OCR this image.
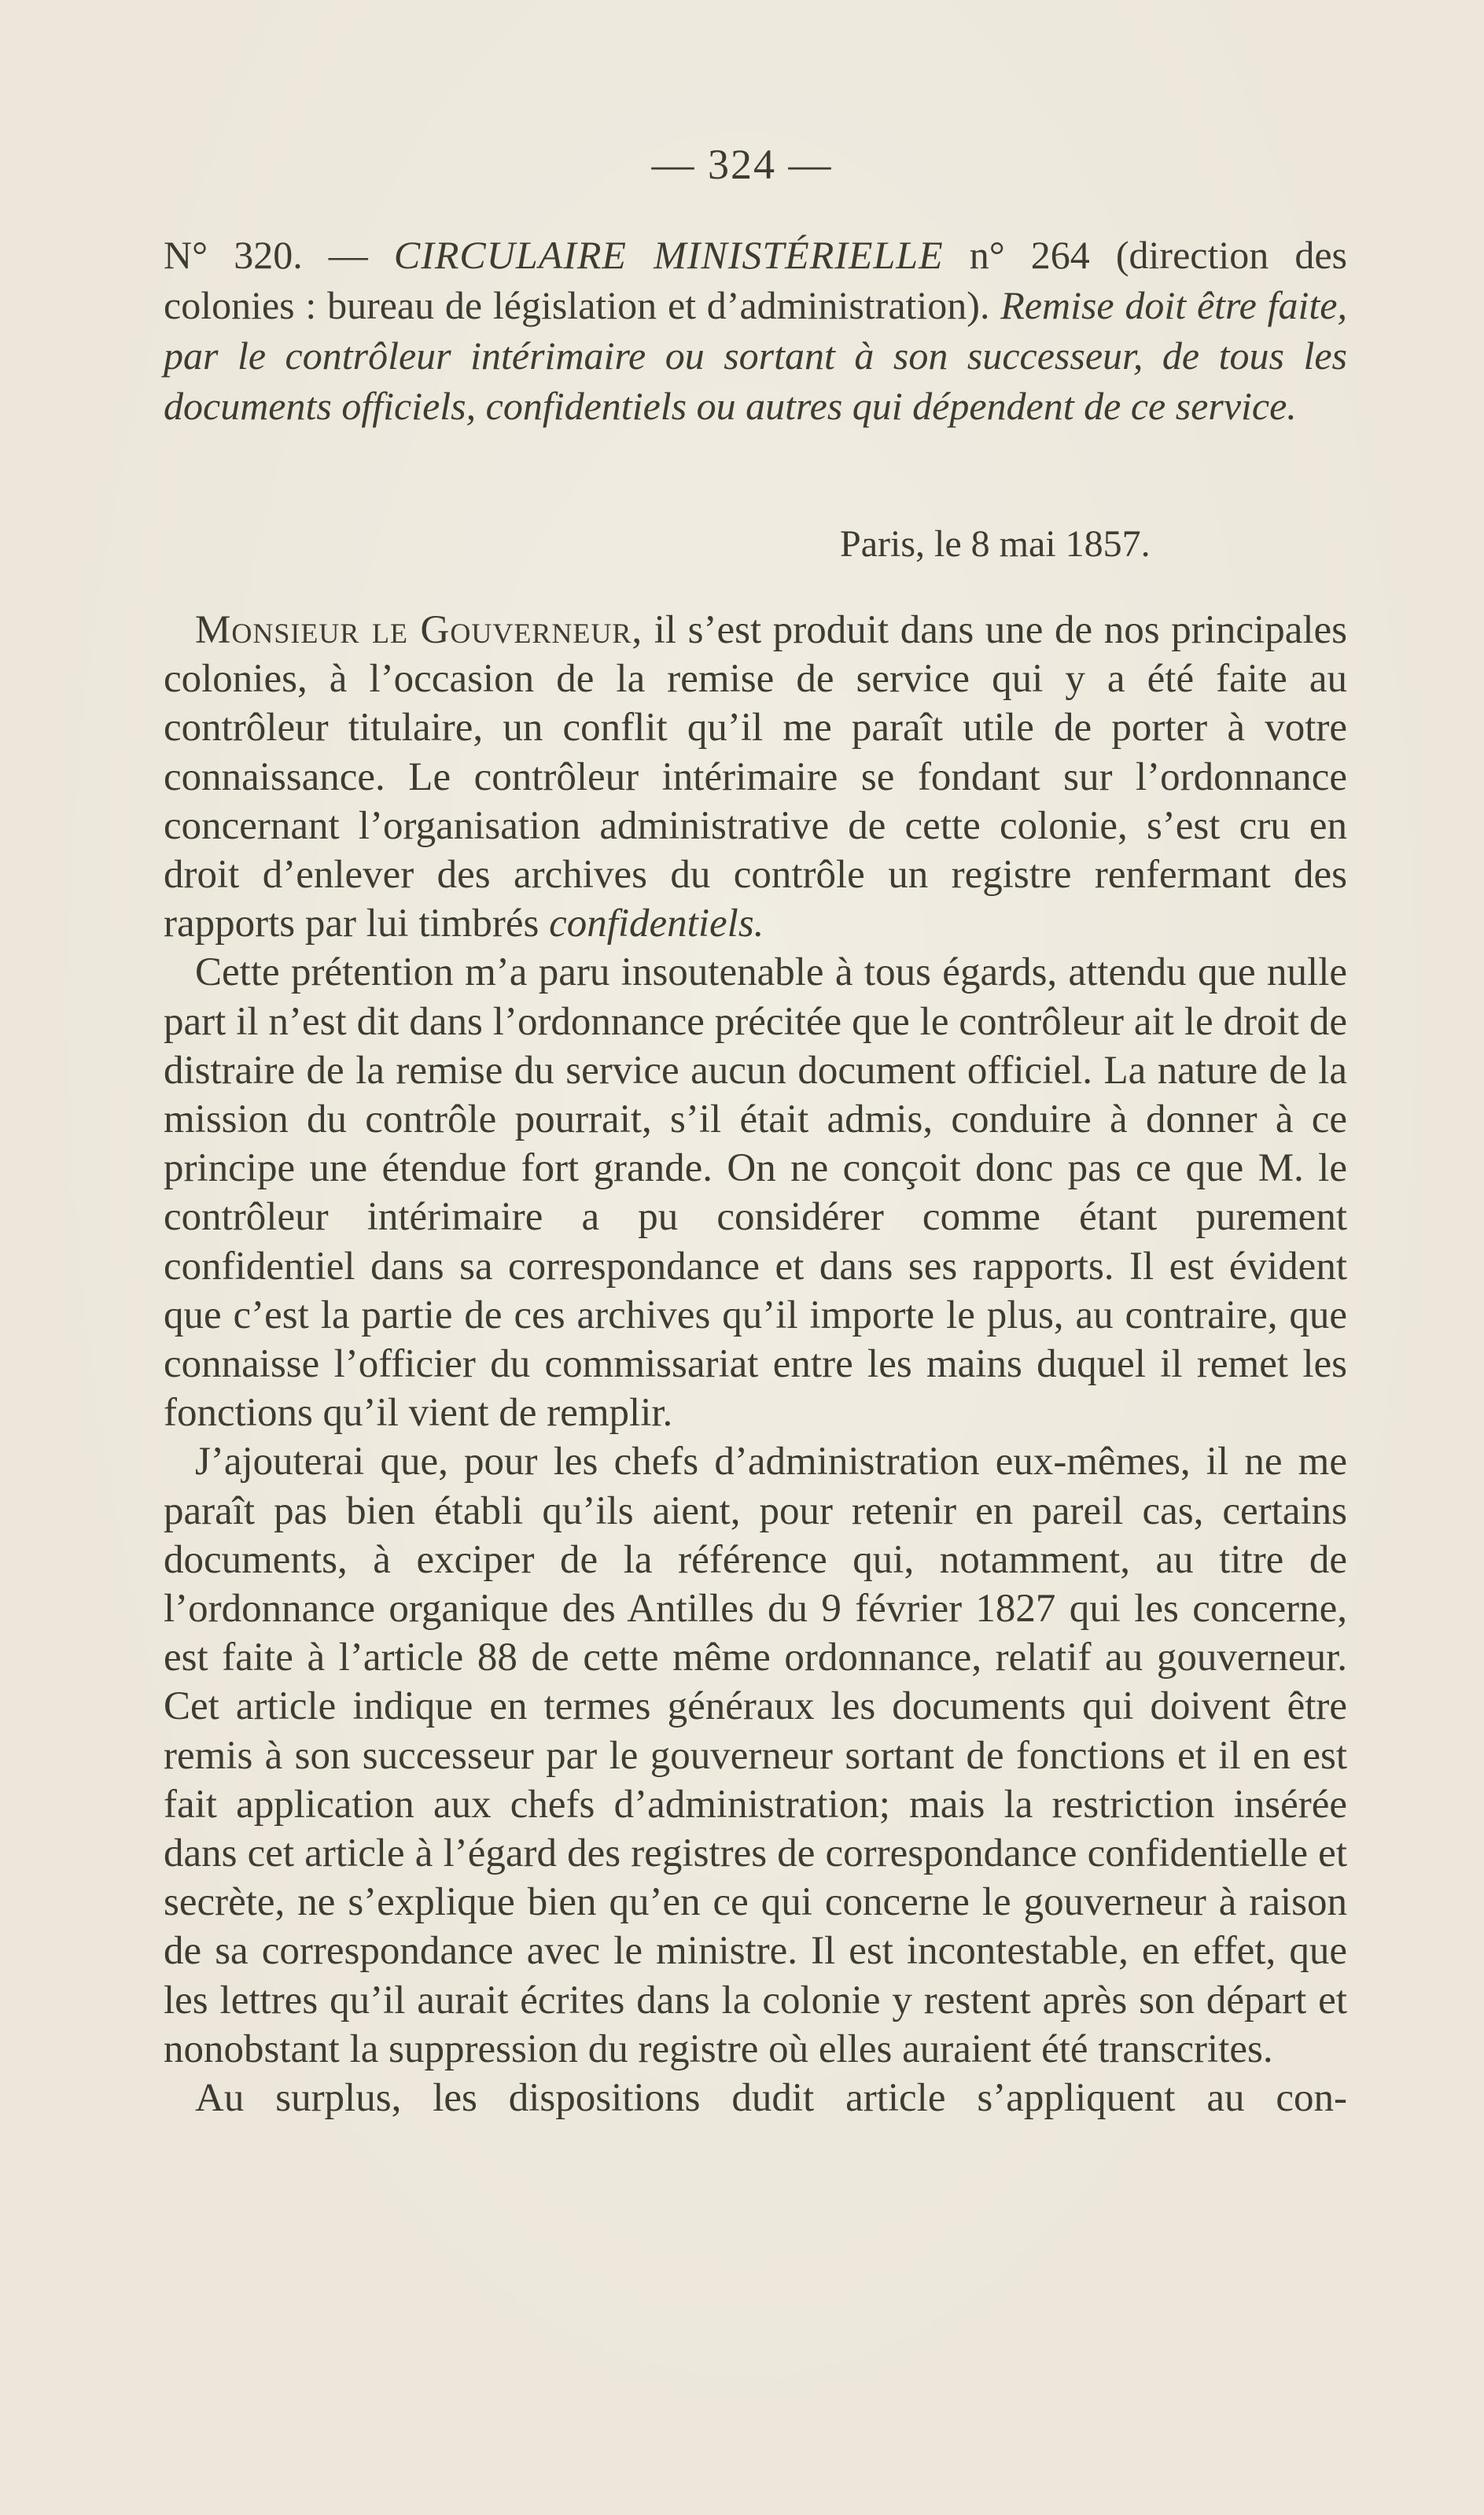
— 324 —
N° 320. — CIRCULAIRE MINISTÉRIELLE n° 264 (direction des colonies : bureau de législation et d’administration). Remise doit être faite, par le contrôleur intérimaire ou sortant à son successeur, de tous les documents officiels, confidentiels ou autres qui dépendent de ce service.
Paris, le 8 mai 1857.

Monsieur le Gouverneur, il s’est produit dans une de nos principales colonies, à l’occasion de la remise de service qui y a été faite au contrôleur titulaire, un conflit qu’il me paraît utile de porter à votre connaissance. Le contrôleur intérimaire se fondant sur l’ordonnance concernant l’organisation administrative de cette colonie, s’est cru en droit d’enlever des archives du contrôle un registre renfermant des rapports par lui timbrés confidentiels.

Cette prétention m’a paru insoutenable à tous égards, attendu que nulle part il n’est dit dans l’ordonnance précitée que le contrôleur ait le droit de distraire de la remise du service aucun document officiel. La nature de la mission du contrôle pourrait, s’il était admis, conduire à donner à ce principe une étendue fort grande. On ne conçoit donc pas ce que M. le contrôleur intérimaire a pu considérer comme étant purement confidentiel dans sa correspondance et dans ses rapports. Il est évident que c’est la partie de ces archives qu’il importe le plus, au contraire, que connaisse l’officier du commissariat entre les mains duquel il remet les fonctions qu’il vient de remplir.

J’ajouterai que, pour les chefs d’administration eux-mêmes, il ne me paraît pas bien établi qu’ils aient, pour retenir en pareil cas, certains documents, à exciper de la référence qui, notamment, au titre de l’ordonnance organique des Antilles du 9 février 1827 qui les concerne, est faite à l’article 88 de cette même ordonnance, relatif au gouverneur. Cet article indique en termes généraux les documents qui doivent être remis à son successeur par le gouverneur sortant de fonctions et il en est fait application aux chefs d’administration; mais la restriction insérée dans cet article à l’égard des registres de correspondance confidentielle et secrète, ne s’explique bien qu’en ce qui concerne le gouverneur à raison de sa correspondance avec le ministre. Il est incontestable, en effet, que les lettres qu’il aurait écrites dans la colonie y restent après son départ et nonobstant la suppression du registre où elles auraient été transcrites.

Au surplus, les dispositions dudit article s’appliquent au con-
